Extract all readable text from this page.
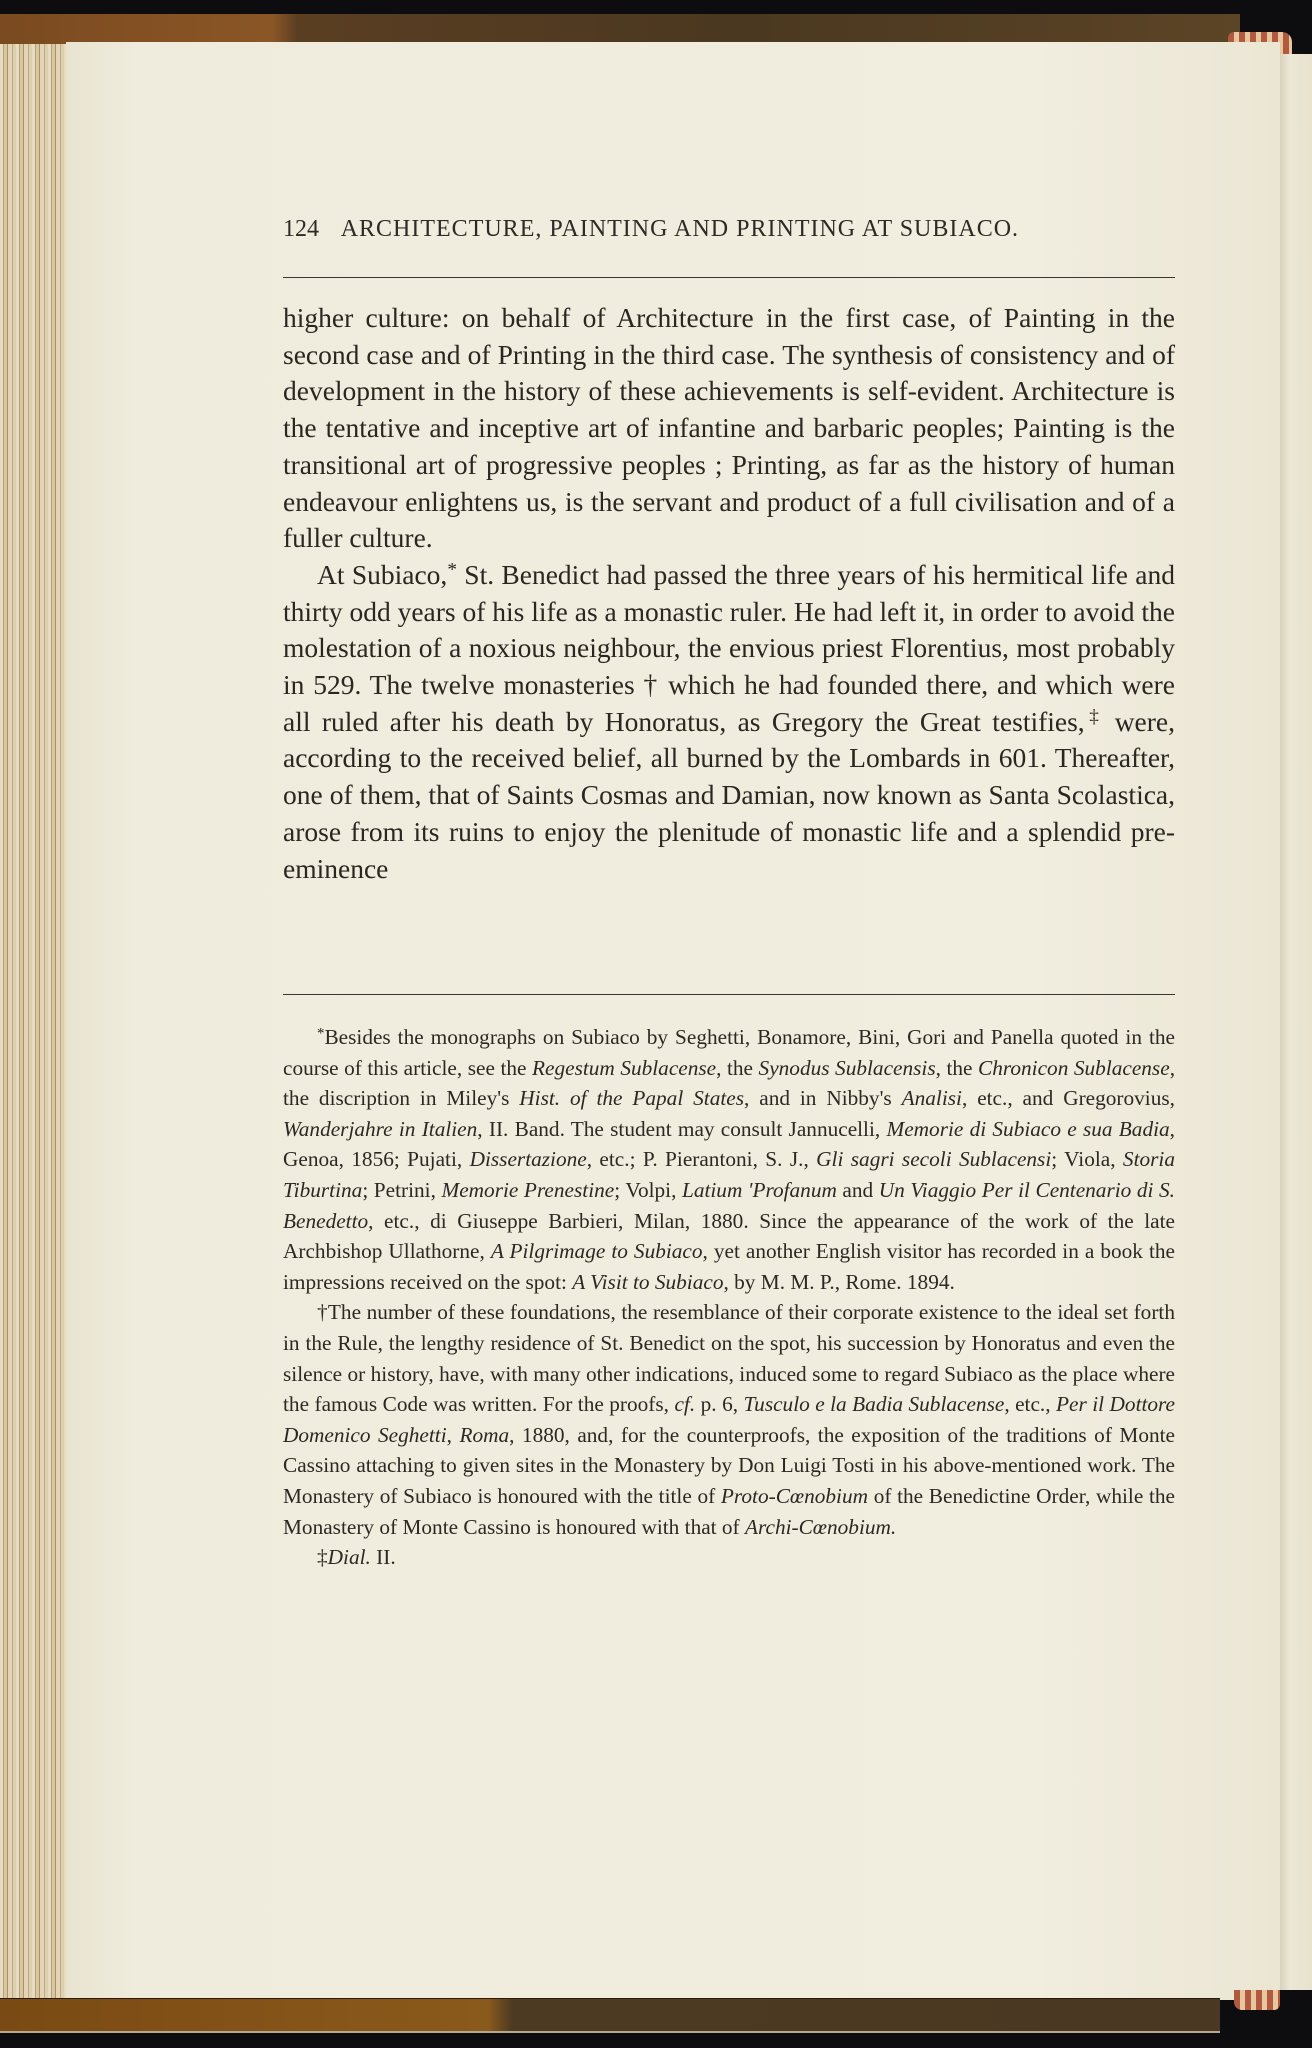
124 ARCHITECTURE, PAINTING AND PRINTING AT SUBIACO.

higher culture: on behalf of Architecture in the first case, of Painting in the second case and of Printing in the third case. The synthesis of consistency and of development in the history of these achievements is self-evident. Architecture is the tentative and inceptive art of infantine and barbaric peoples; Painting is the transitional art of progressive peoples ; Printing, as far as the history of human endeavour enlightens us, is the servant and product of a full civilisation and of a fuller culture.

At Subiaco,* St. Benedict had passed the three years of his hermitical life and thirty odd years of his life as a monastic ruler. He had left it, in order to avoid the molestation of a noxious neighbour, the envious priest Florentius, most probably in 529. The twelve monasteries † which he had founded there, and which were all ruled after his death by Honoratus, as Gregory the Great testifies,‡ were, according to the received belief, all burned by the Lombards in 601. Thereafter, one of them, that of Saints Cosmas and Damian, now known as Santa Scolastica, arose from its ruins to enjoy the plenitude of monastic life and a splendid pre-eminence

*Besides the monographs on Subiaco by Seghetti, Bonamore, Bini, Gori and Panella quoted in the course of this article, see the Regestum Sublacense, the Synodus Sublacensis, the Chronicon Sublacense, the discription in Miley's Hist. of the Papal States, and in Nibby's Analisi, etc., and Gregorovius, Wanderjahre in Italien, II. Band. The student may consult Jannucelli, Memorie di Subiaco e sua Badia, Genoa, 1856; Pujati, Dissertazione, etc.; P. Pierantoni, S. J., Gli sagri secoli Sublacensi; Viola, Storia Tiburtina; Petrini, Memorie Prenestine; Volpi, Latium 'Profanum and Un Viaggio Per il Centenario di S. Benedetto, etc., di Giuseppe Barbieri, Milan, 1880. Since the appearance of the work of the late Archbishop Ullathorne, A Pilgrimage to Subiaco, yet another English visitor has recorded in a book the impressions received on the spot: A Visit to Subiaco, by M. M. P., Rome. 1894.

†The number of these foundations, the resemblance of their corporate existence to the ideal set forth in the Rule, the lengthy residence of St. Benedict on the spot, his succession by Honoratus and even the silence or history, have, with many other indications, induced some to regard Subiaco as the place where the famous Code was written. For the proofs, cf. p. 6, Tusculo e la Badia Sublacense, etc., Per il Dottore Domenico Seghetti, Roma, 1880, and, for the counterproofs, the exposition of the traditions of Monte Cassino attaching to given sites in the Monastery by Don Luigi Tosti in his above-mentioned work. The Monastery of Subiaco is honoured with the title of Proto-Cœnobium of the Benedictine Order, while the Monastery of Monte Cassino is honoured with that of Archi-Cœnobium.

‡Dial. II.
